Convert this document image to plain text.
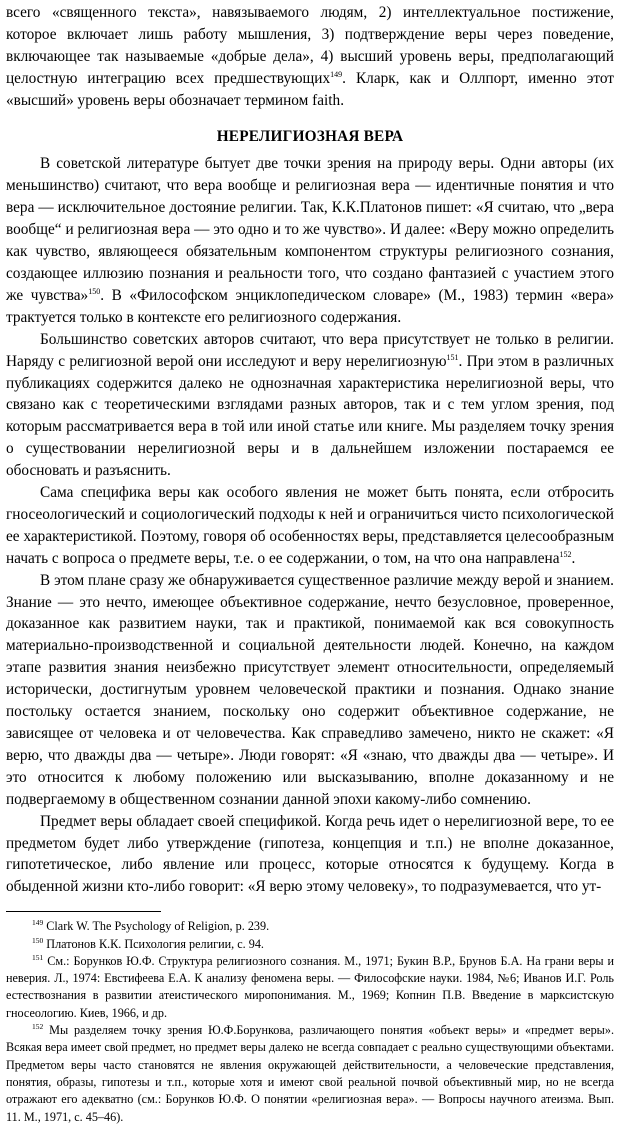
всего «священного текста», навязываемого людям, 2) интеллектуальное постижение, которое включает лишь работу мышления, 3) подтверждение веры через поведение, включающее так называемые «добрые дела», 4) высший уровень веры, предполагающий целостную интеграцию всех предшествующих$^{149}$. Кларк, как и Оллпорт, именно этот «высший» уровень веры обозначает термином faith.

НЕРЕЛИГИОЗНАЯ ВЕРА

В советской литературе бытует две точки зрения на природу веры. Одни авторы (их меньшинство) считают, что вера вообще и религиозная вера — идентичные понятия и что вера — исключительное достояние религии. Так, К.К.Платонов пишет: «Я считаю, что „вера вообще“ и религиозная вера — это одно и то же чувство». И далее: «Веру можно определить как чувство, являющееся обязательным компонентом структуры религиозного сознания, создающее иллюзию познания и реальности того, что создано фантазией с участием этого же чувства»$^{150}$. В «Философском энциклопедическом словаре» (М., 1983) термин «вера» трактуется только в контексте его религиозного содержания.

Большинство советских авторов считают, что вера присутствует не только в религии. Наряду с религиозной верой они исследуют и веру нерелигиозную$^{151}$. При этом в различных публикациях содержится далеко не однозначная характеристика нерелигиозной веры, что связано как с теоретическими взглядами разных авторов, так и с тем углом зрения, под которым рассматривается вера в той или иной статье или книге. Мы разделяем точку зрения о существовании нерелигиозной веры и в дальнейшем изложении постараемся ее обосновать и разъяснить.

Сама специфика веры как особого явления не может быть понята, если отбросить гносеологический и социологический подходы к ней и ограничиться чисто психологической ее характеристикой. Поэтому, говоря об особенностях веры, представляется целесообразным начать с вопроса о предмете веры, т.е. о ее содержании, о том, на что она направлена$^{152}$.

В этом плане сразу же обнаруживается существенное различие между верой и знанием. Знание — это нечто, имеющее объективное содержание, нечто безусловное, проверенное, доказанное как развитием науки, так и практикой, понимаемой как вся совокупность материально-производственной и социальной деятельности людей. Конечно, на каждом этапе развития знания неизбежно присутствует элемент относительности, определяемый исторически, достигнутым уровнем человеческой практики и познания. Однако знание постольку остается знанием, поскольку оно содержит объективное содержание, не зависящее от человека и от человечества. Как справедливо замечено, никто не скажет: «Я верю, что дважды два — четыре». Люди говорят: «Я «знаю, что дважды два — четыре». И это относится к любому положению или высказыванию, вполне доказанному и не подвергаемому в общественном сознании данной эпохи какому-либо сомнению.

Предмет веры обладает своей спецификой. Когда речь идет о нерелигиозной вере, то ее предметом будет либо утверждение (гипотеза, концепция и т.п.) не вполне доказанное, гипотетическое, либо явление или процесс, которые относятся к будущему. Когда в обыденной жизни кто-либо говорит: «Я верю этому человеку», то подразумевается, что ут-

$^{149}$ Clark W. The Psychology of Religion, p. 239.

$^{150}$ Платонов К.К. Психология религии, с. 94.

$^{151}$ См.: Борунков Ю.Ф. Структура религиозного сознания. М., 1971; Букин В.Р., Брунов Б.А. На грани веры и неверия. Л., 1974: Евстифеева Е.А. К анализу феномена веры. — Философские науки. 1984, №6; Иванов И.Г. Роль естествознания в развитии атеистического миропонимания. М., 1969; Копнин П.В. Введение в марксистскую гносеологию. Киев, 1966, и др.

$^{152}$ Мы разделяем точку зрения Ю.Ф.Борункова, различающего понятия «объект веры» и «предмет веры». Всякая вера имеет свой предмет, но предмет веры далеко не всегда совпадает с реально существующими объектами. Предметом веры часто становятся не явления окружающей действительности, а человеческие представления, понятия, образы, гипотезы и т.п., которые хотя и имеют свой реальной почвой объективный мир, но не всегда отражают его адекватно (см.: Борунков Ю.Ф. О понятии «религиозная вера». — Вопросы научного атеизма. Вып. 11. М., 1971, с. 45–46).
